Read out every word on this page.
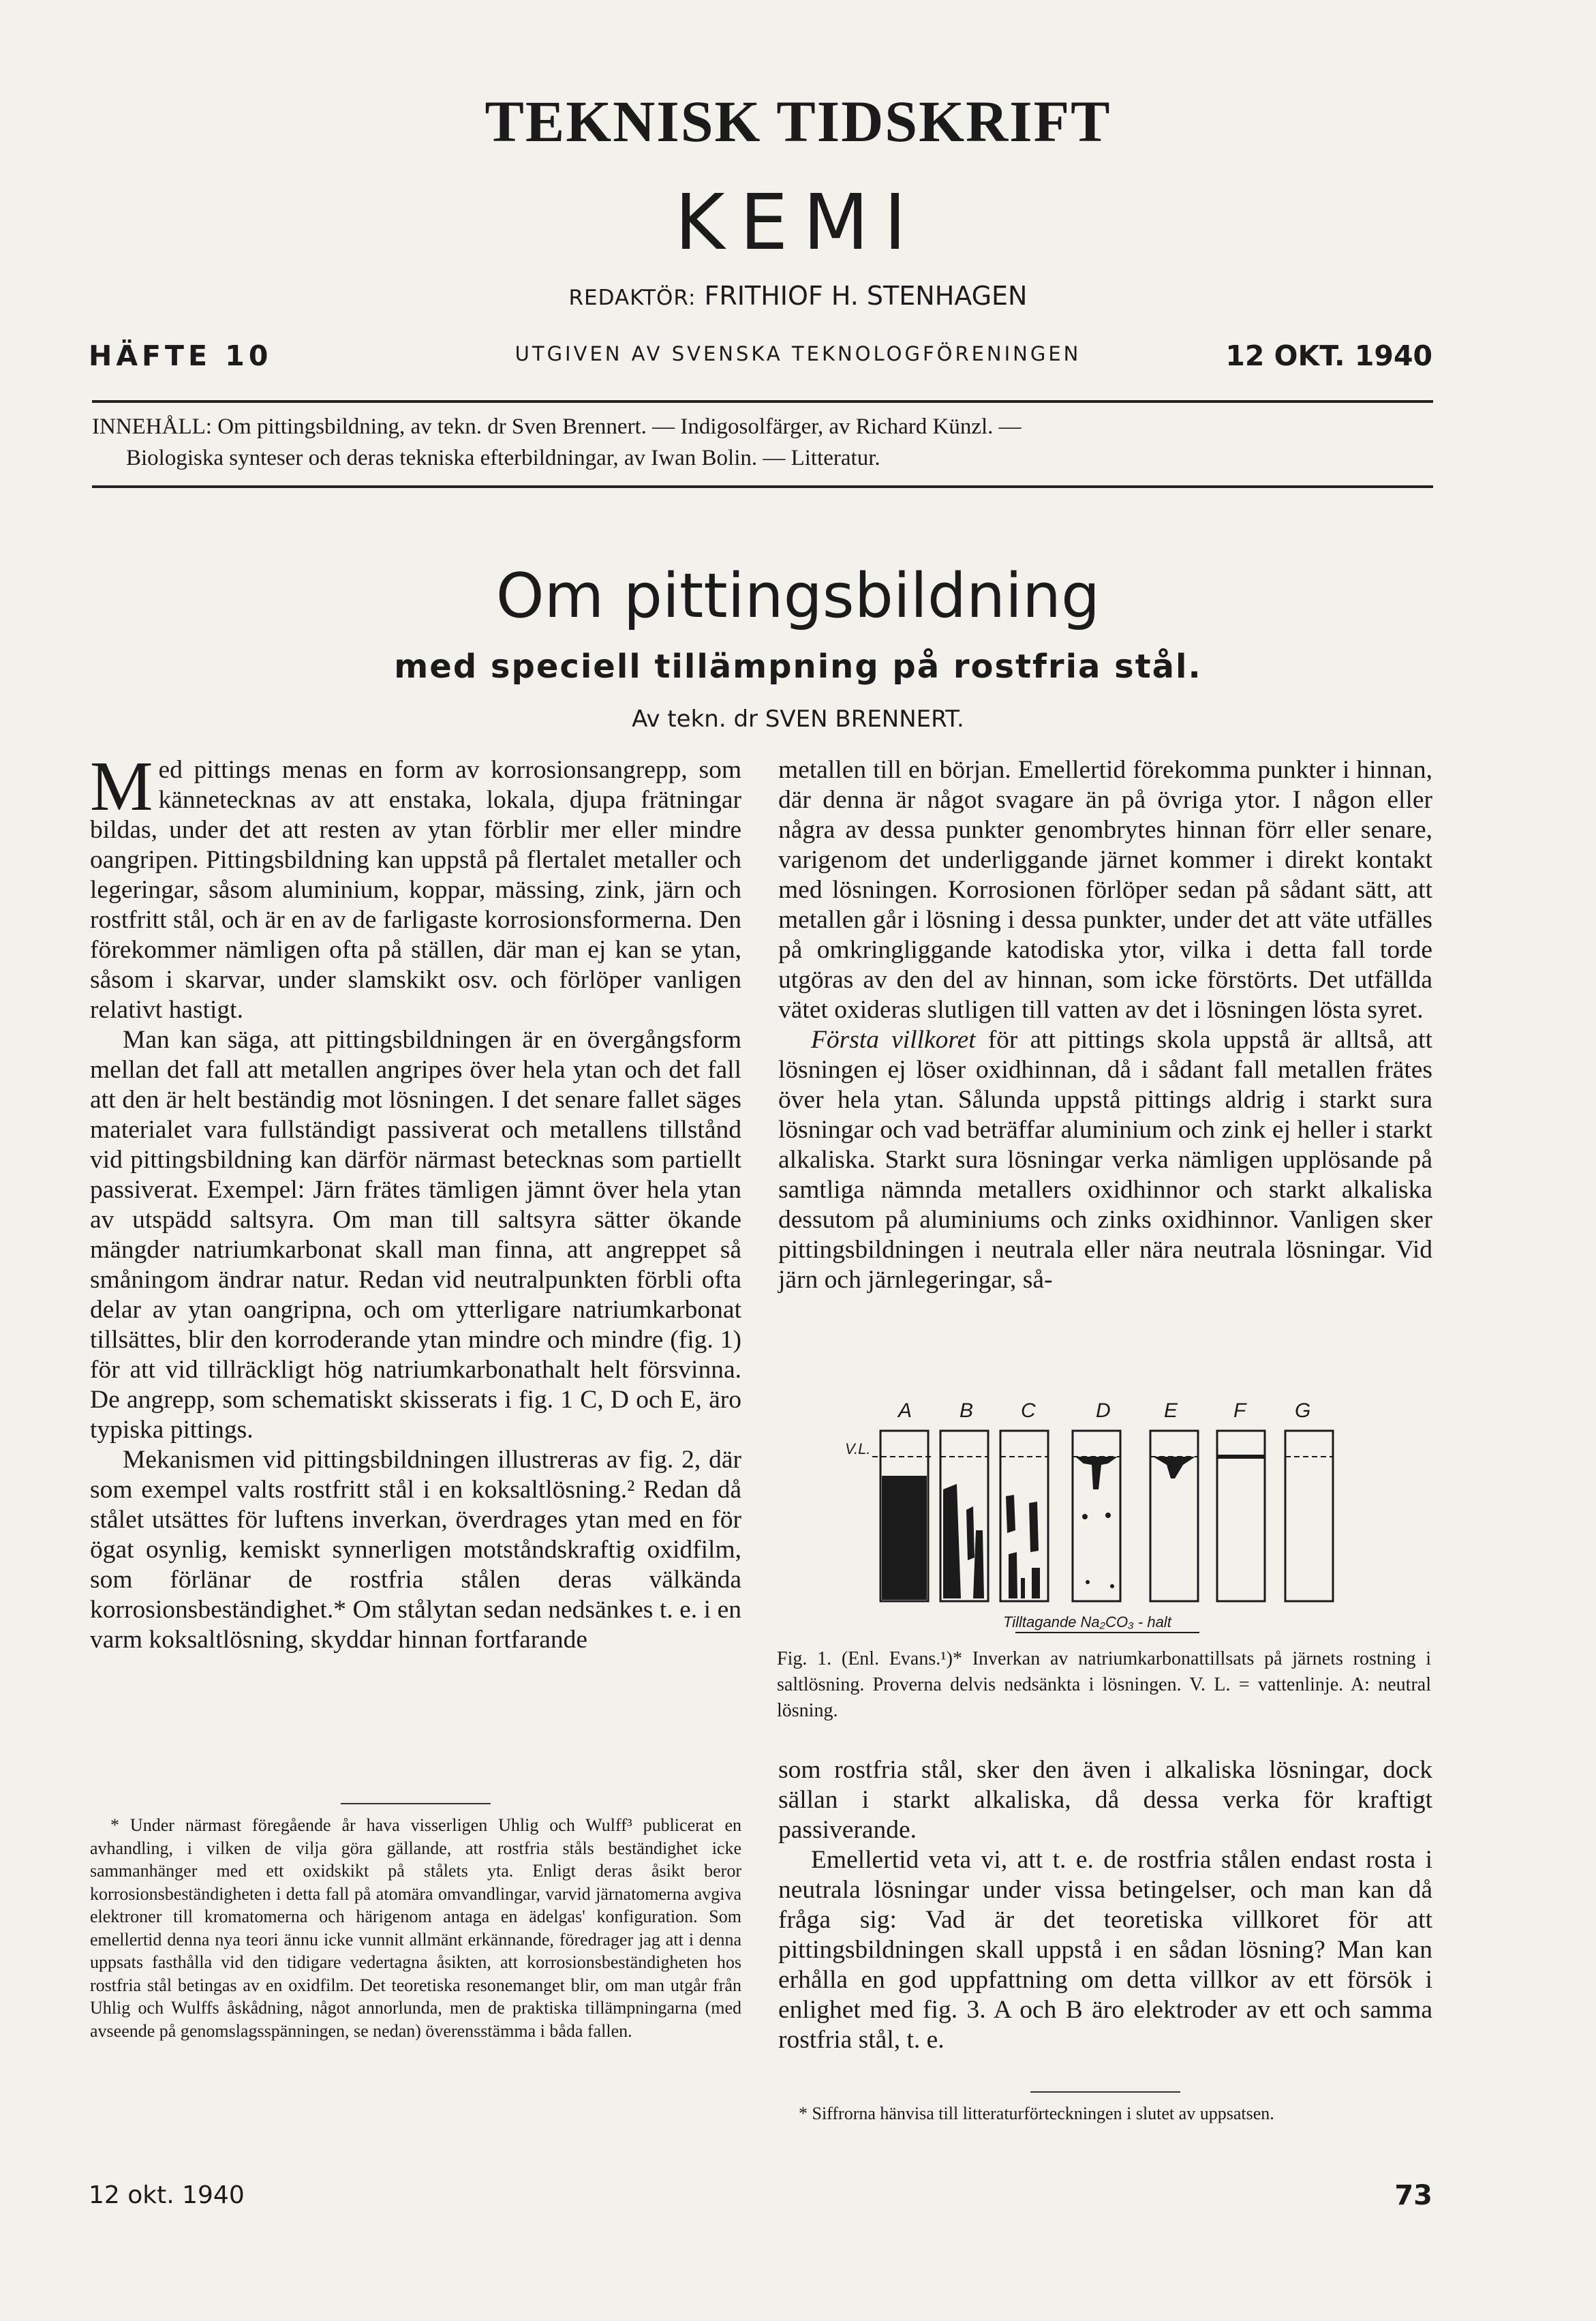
TEKNISK TIDSKRIFT
KEMI
REDAKTÖR: FRITHIOF H. STENHAGEN
HÄFTE 10	UTGIVEN AV SVENSKA TEKNOLOGFÖRENINGEN	12 OKT. 1940
INNEHÅLL: Om pittingsbildning, av tekn. dr Sven Brennert. — Indigosolfärger, av Richard Künzl. —
Biologiska synteser och deras tekniska efterbildningar, av Iwan Bolin. — Litteratur.
Om pittingsbildning
med speciell tillämpning på rostfria stål.
Av tekn. dr SVEN BRENNERT.

Med pittings menas en form av korrosionsangrepp, som kännetecknas av att enstaka, lokala, djupa frätningar bildas, under det att resten av ytan förblir mer eller mindre oangripen. Pittingsbildning kan uppstå på flertalet metaller och legeringar, såsom aluminium, koppar, mässing, zink, järn och rostfritt stål, och är en av de farligaste korrosionsformerna. Den förekommer nämligen ofta på ställen, där man ej kan se ytan, såsom i skarvar, under slamskikt osv. och förlöper vanligen relativt hastigt.

Man kan säga, att pittingsbildningen är en övergångsform mellan det fall att metallen angripes över hela ytan och det fall att den är helt beständig mot lösningen. I det senare fallet säges materialet vara fullständigt passiverat och metallens tillstånd vid pittingsbildning kan därför närmast betecknas som partiellt passiverat. Exempel: Järn frätes tämligen jämnt över hela ytan av utspädd saltsyra. Om man till saltsyra sätter ökande mängder natriumkarbonat skall man finna, att angreppet så småningom ändrar natur. Redan vid neutralpunkten förbli ofta delar av ytan oangripna, och om ytterligare natriumkarbonat tillsättes, blir den korroderande ytan mindre och mindre (fig. 1) för att vid tillräckligt hög natriumkarbonathalt helt försvinna. De angrepp, som schematiskt skisserats i fig. 1 C, D och E, äro typiska pittings.

Mekanismen vid pittingsbildningen illustreras av fig. 2, där som exempel valts rostfritt stål i en koksaltlösning.² Redan då stålet utsättes för luftens inverkan, överdrages ytan med en för ögat osynlig, kemiskt synnerligen motståndskraftig oxidfilm, som förlänar de rostfria stålen deras välkända korrosionsbeständighet.* Om stålytan sedan nedsänkes t. e. i en varm koksaltlösning, skyddar hinnan fortfarande

* Under närmast föregående år hava visserligen Uhlig och Wulff³ publicerat en avhandling, i vilken de vilja göra gällande, att rostfria ståls beständighet icke sammanhänger med ett oxidskikt på stålets yta. Enligt deras åsikt beror korrosionsbeständigheten i detta fall på atomära omvandlingar, varvid järnatomerna avgiva elektroner till kromatomerna och härigenom antaga en ädelgas' konfiguration. Som emellertid denna nya teori ännu icke vunnit allmänt erkännande, föredrager jag att i denna uppsats fasthålla vid den tidigare vedertagna åsikten, att korrosionsbeständigheten hos rostfria stål betingas av en oxidfilm. Det teoretiska resonemanget blir, om man utgår från Uhlig och Wulffs åskådning, något annorlunda, men de praktiska tillämpningarna (med avseende på genomslagsspänningen, se nedan) överensstämma i båda fallen.

metallen till en början. Emellertid förekomma punkter i hinnan, där denna är något svagare än på övriga ytor. I någon eller några av dessa punkter genombrytes hinnan förr eller senare, varigenom det underliggande järnet kommer i direkt kontakt med lösningen. Korrosionen förlöper sedan på sådant sätt, att metallen går i lösning i dessa punkter, under det att väte utfälles på omkringliggande katodiska ytor, vilka i detta fall torde utgöras av den del av hinnan, som icke förstörts. Det utfällda vätet oxideras slutligen till vatten av det i lösningen lösta syret.

Första villkoret för att pittings skola uppstå är alltså, att lösningen ej löser oxidhinnan, då i sådant fall metallen frätes över hela ytan. Sålunda uppstå pittings aldrig i starkt sura lösningar och vad beträffar aluminium och zink ej heller i starkt alkaliska. Starkt sura lösningar verka nämligen upplösande på samtliga nämnda metallers oxidhinnor och starkt alkaliska dessutom på aluminiums och zinks oxidhinnor. Vanligen sker pittingsbildningen i neutrala eller nära neutrala lösningar. Vid järn och järnlegeringar, så-

A B C	D	E	F G
V.L.
Tilltagande Na₂CO₃ - halt
Fig. 1. (Enl. Evans.¹)* Inverkan av natriumkarbonattillsats på järnets rostning i saltlösning. Proverna delvis nedsänkta i lösningen. V. L. = vattenlinje. A: neutral lösning.

som rostfria stål, sker den även i alkaliska lösningar, dock sällan i starkt alkaliska, då dessa verka för kraftigt passiverande.

Emellertid veta vi, att t. e. de rostfria stålen endast rosta i neutrala lösningar under vissa betingelser, och man kan då fråga sig: Vad är det teoretiska villkoret för att pittingsbildningen skall uppstå i en sådan lösning? Man kan erhålla en god uppfattning om detta villkor av ett försök i enlighet med fig. 3. A och B äro elektroder av ett och samma rostfria stål, t. e.

* Siffrorna hänvisa till litteraturförteckningen i slutet av uppsatsen.
12 okt. 1940	73
